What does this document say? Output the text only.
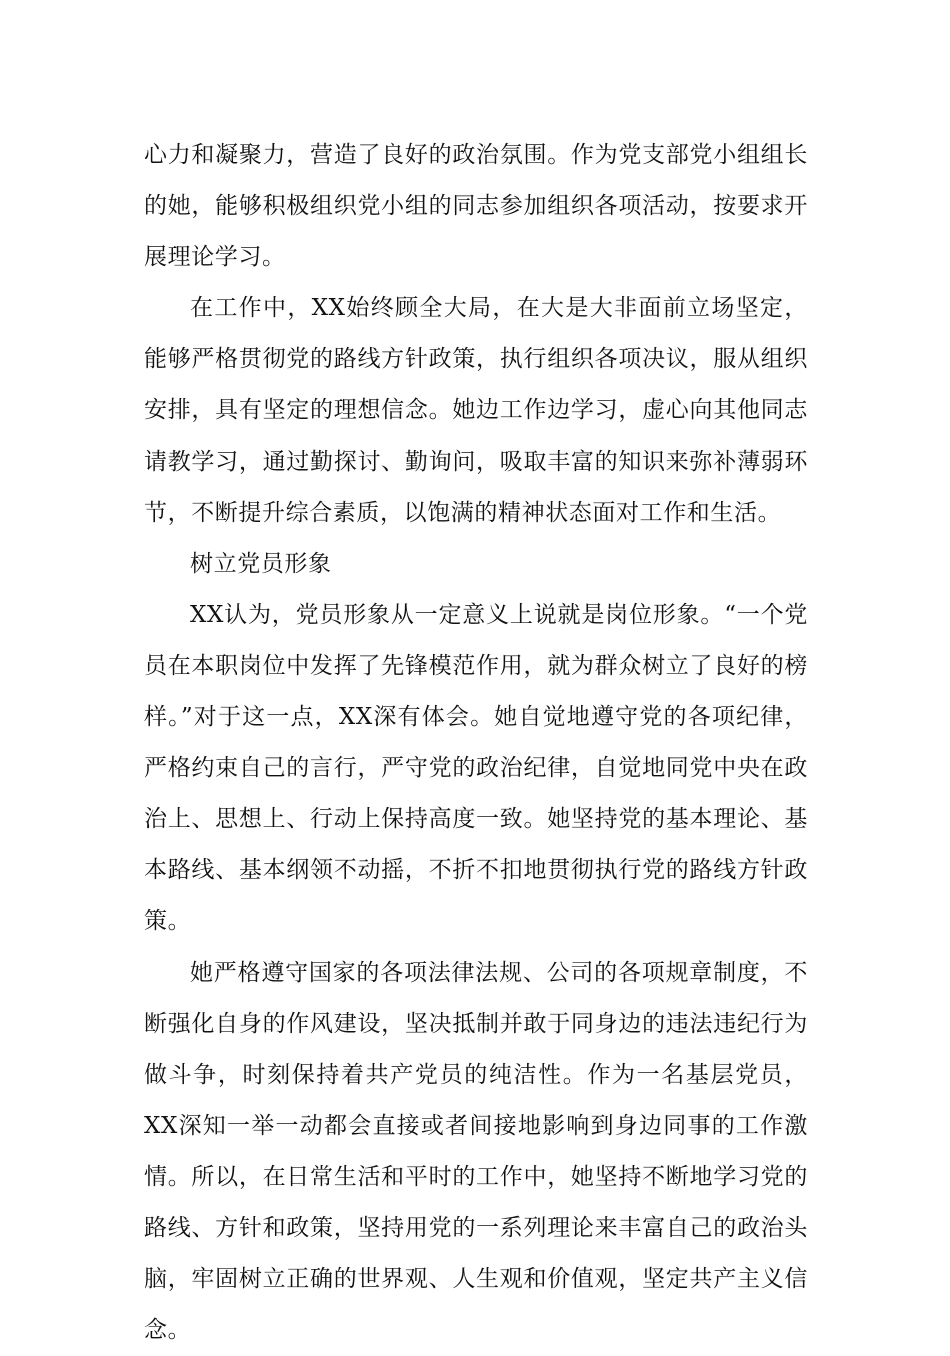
心力和凝聚力，营造了良好的政治氛围。作为党支部党小组组长的她，能够积极组织党小组的同志参加组织各项活动，按要求开展理论学习。

在工作中，XX始终顾全大局，在大是大非面前立场坚定，能够严格贯彻党的路线方针政策，执行组织各项决议，服从组织安排，具有坚定的理想信念。她边工作边学习，虚心向其他同志请教学习，通过勤探讨、勤询问，吸取丰富的知识来弥补薄弱环节，不断提升综合素质，以饱满的精神状态面对工作和生活。

树立党员形象

XX认为，党员形象从一定意义上说就是岗位形象。“一个党员在本职岗位中发挥了先锋模范作用，就为群众树立了良好的榜样。”对于这一点，XX深有体会。她自觉地遵守党的各项纪律，严格约束自己的言行，严守党的政治纪律，自觉地同党中央在政治上、思想上、行动上保持高度一致。她坚持党的基本理论、基本路线、基本纲领不动摇，不折不扣地贯彻执行党的路线方针政策。

她严格遵守国家的各项法律法规、公司的各项规章制度，不断强化自身的作风建设，坚决抵制并敢于同身边的违法违纪行为做斗争，时刻保持着共产党员的纯洁性。作为一名基层党员，XX深知一举一动都会直接或者间接地影响到身边同事的工作激情。所以，在日常生活和平时的工作中，她坚持不断地学习党的路线、方针和政策，坚持用党的一系列理论来丰富自己的政治头脑，牢固树立正确的世界观、人生观和价值观，坚定共产主义信念。
